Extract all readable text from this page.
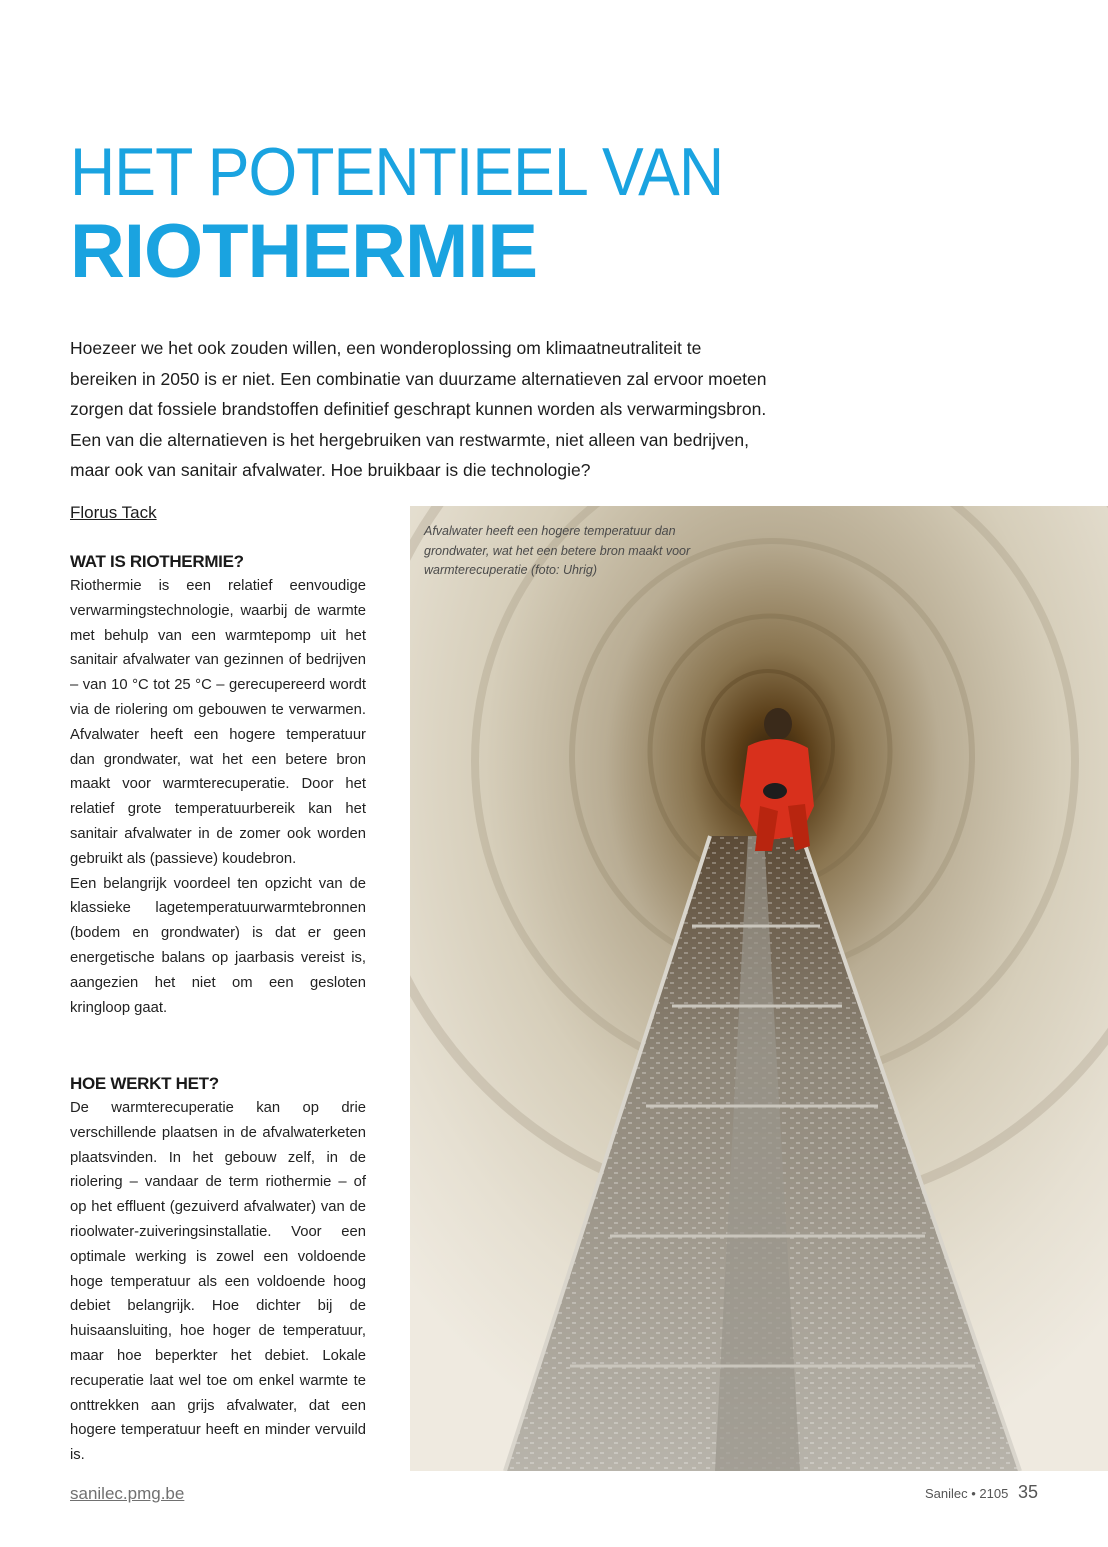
HET POTENTIEEL VAN
RIOTHERMIE

Hoezeer we het ook zouden willen, een wonderoplossing om klimaatneutraliteit te bereiken in 2050 is er niet. Een combinatie van duurzame alternatieven zal ervoor moeten zorgen dat fossiele brandstoffen definitief geschrapt kunnen worden als verwarmingsbron. Een van die alternatieven is het hergebruiken van restwarmte, niet alleen van bedrijven, maar ook van sanitair afvalwater. Hoe bruikbaar is die technologie?

Florus Tack

WAT IS RIOTHERMIE?

Riothermie is een relatief eenvoudige verwarmingstechnologie, waarbij de warmte met behulp van een warmtepomp uit het sanitair afvalwater van gezinnen of bedrijven – van 10 °C tot 25 °C – gerecupereerd wordt via de riolering om gebouwen te verwarmen. Afvalwater heeft een hogere temperatuur dan grondwater, wat het een betere bron maakt voor warmterecuperatie. Door het relatief grote temperatuurbereik kan het sanitair afvalwater in de zomer ook worden gebruikt als (passieve) koudebron.

Een belangrijk voordeel ten opzicht van de klassieke lagetemperatuurwarmtebronnen (bodem en grondwater) is dat er geen energetische balans op jaarbasis vereist is, aangezien het niet om een gesloten kringloop gaat.

HOE WERKT HET?

De warmterecuperatie kan op drie verschillende plaatsen in de afvalwaterketen plaatsvinden. In het gebouw zelf, in de riolering – vandaar de term riothermie – of op het effluent (gezuiverd afvalwater) van de rioolwater-zuiveringsinstallatie. Voor een optimale werking is zowel een voldoende hoge temperatuur als een voldoende hoog debiet belangrijk. Hoe dichter bij de huisaansluiting, hoe hoger de temperatuur, maar hoe beperkter het debiet. Lokale recuperatie laat wel toe om enkel warmte te onttrekken aan grijs afvalwater, dat een hogere temperatuur heeft en minder vervuild is.

Afvalwater heeft een hogere temperatuur dan grondwater, wat het een betere bron maakt voor warmterecuperatie (foto: Uhrig)

sanilec.pmg.be	Sanilec • 2105 35
